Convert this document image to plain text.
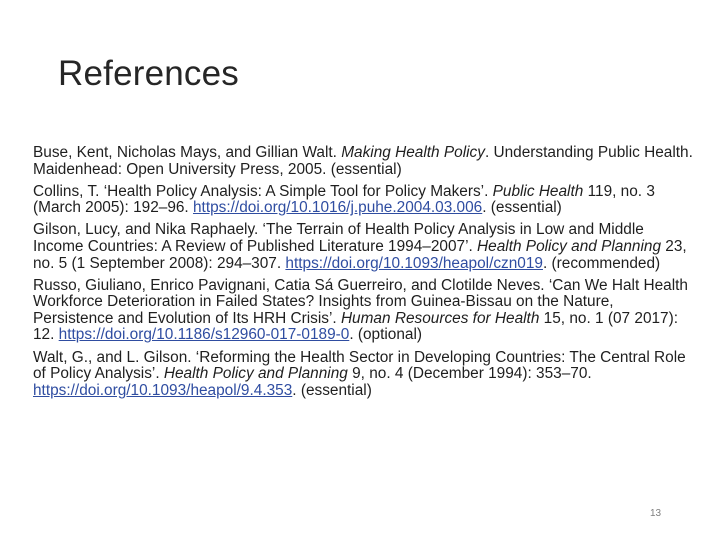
References

Buse, Kent, Nicholas Mays, and Gillian Walt. Making Health Policy. Understanding Public Health. Maidenhead: Open University Press, 2005. (essential)

Collins, T. ‘Health Policy Analysis: A Simple Tool for Policy Makers’. Public Health 119, no. 3 (March 2005): 192–96. https://doi.org/10.1016/j.puhe.2004.03.006. (essential)

Gilson, Lucy, and Nika Raphaely. ‘The Terrain of Health Policy Analysis in Low and Middle Income Countries: A Review of Published Literature 1994–2007’. Health Policy and Planning 23, no. 5 (1 September 2008): 294–307. https://doi.org/10.1093/heapol/czn019. (recommended)

Russo, Giuliano, Enrico Pavignani, Catia Sá Guerreiro, and Clotilde Neves. ‘Can We Halt Health Workforce Deterioration in Failed States? Insights from Guinea-Bissau on the Nature, Persistence and Evolution of Its HRH Crisis’. Human Resources for Health 15, no. 1 (07 2017): 12. https://doi.org/10.1186/s12960-017-0189-0. (optional)

Walt, G., and L. Gilson. ‘Reforming the Health Sector in Developing Countries: The Central Role of Policy Analysis’. Health Policy and Planning 9, no. 4 (December 1994): 353–70. https://doi.org/10.1093/heapol/9.4.353. (essential)

13
